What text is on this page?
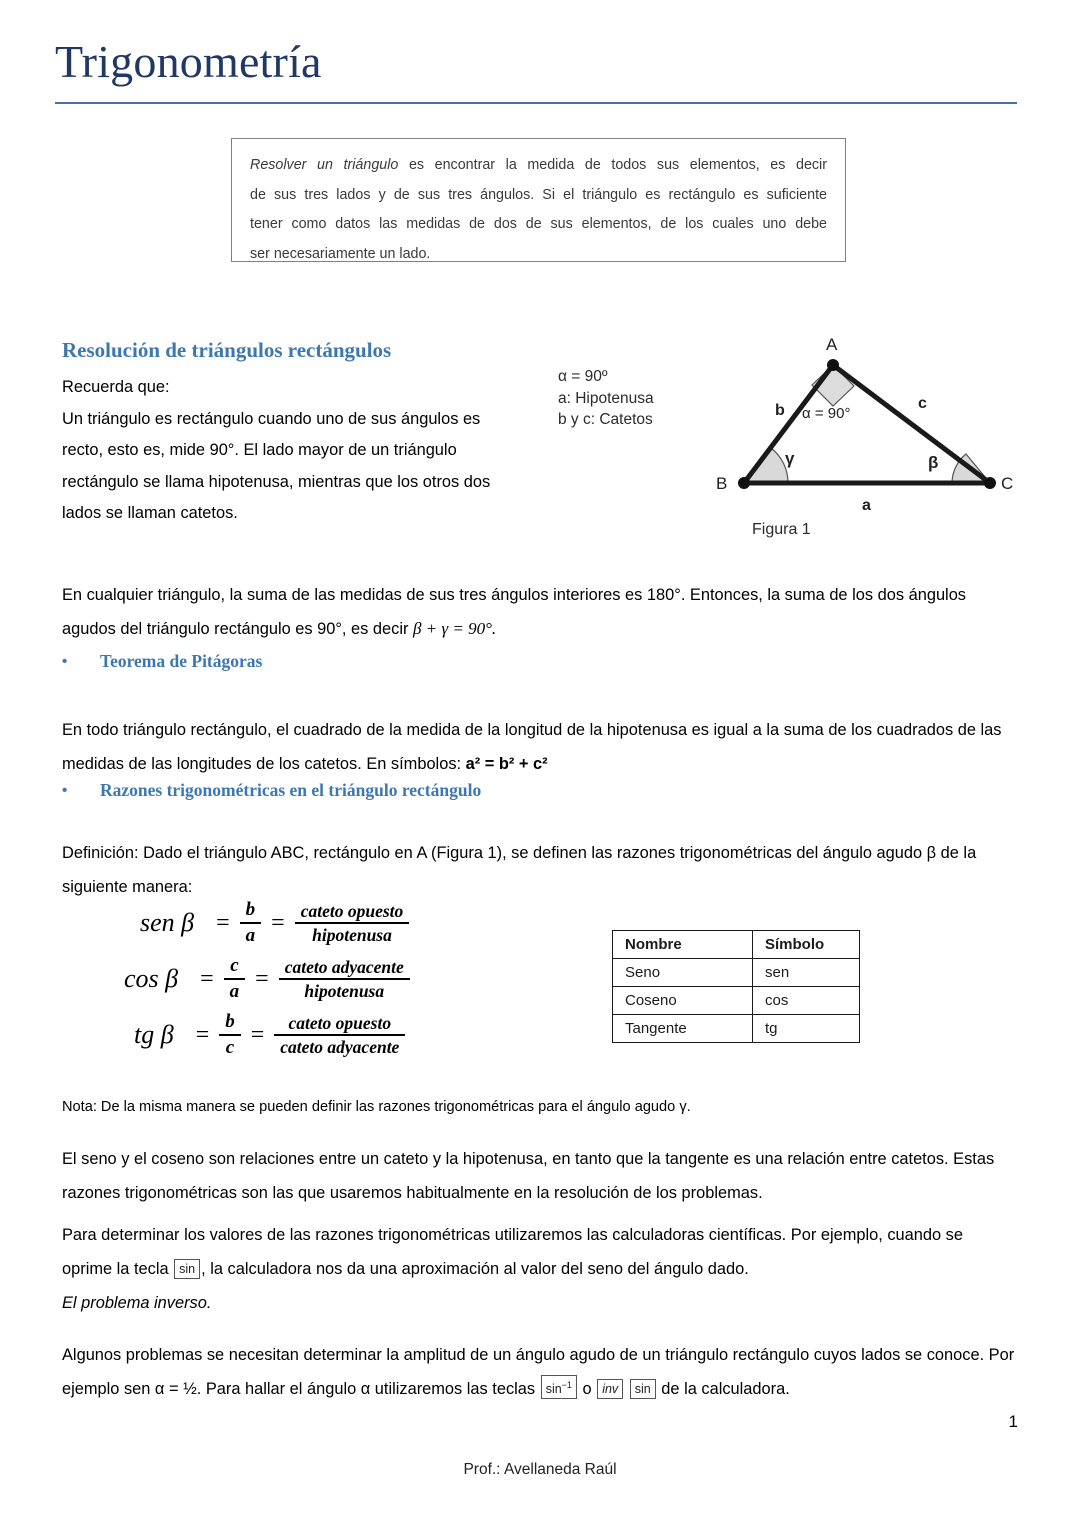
Trigonometría
Resolver un triángulo es encontrar la medida de todos sus elementos, es decir
de sus tres lados y de sus tres ángulos. Si el triángulo es rectángulo es suficiente
tener como datos las medidas de dos de sus elementos, de los cuales uno debe
ser necesariamente un lado.
Resolución de triángulos rectángulos
Recuerda que:
Un triángulo es rectángulo cuando uno de sus ángulos es
recto, esto es, mide 90°. El lado mayor de un triángulo
rectángulo se llama hipotenusa, mientras que los otros dos
lados se llaman catetos.
α = 90º
a: Hipotenusa
b y c: Catetos
A
B	C
b	c
a
α = 90°
γ	β
Figura 1
En cualquier triángulo, la suma de las medidas de sus tres ángulos interiores es 180°. Entonces, la suma de los dos ángulos agudos del triángulo rectángulo es 90°, es decir β + γ = 90°.
• Teorema de Pitágoras
En todo triángulo rectángulo, el cuadrado de la medida de la longitud de la hipotenusa es igual a la suma de los cuadrados de las medidas de las longitudes de los catetos. En símbolos: a² = b² + c²
• Razones trigonométricas en el triángulo rectángulo
Definición: Dado el triángulo ABC, rectángulo en A (Figura 1), se definen las razones trigonométricas del ángulo agudo β de la siguiente manera:
sen $\beta = \frac{b}{a} = \frac{\text{cateto opuesto}}{\text{hipotenusa}}$
$\cos \beta = \frac{c}{a} = \frac{\text{cateto adyacente}}{\text{hipotenusa}}$
tg $\beta = \frac{b}{c} = \frac{\text{cateto opuesto}}{\text{cateto adyacente}}$
Nombre	Símbolo
Seno	sen
Coseno	cos
Tangente	tg
Nota: De la misma manera se pueden definir las razones trigonométricas para el ángulo agudo γ.
El seno y el coseno son relaciones entre un cateto y la hipotenusa, en tanto que la tangente es una relación entre catetos. Estas razones trigonométricas son las que usaremos habitualmente en la resolución de los problemas.
Para determinar los valores de las razones trigonométricas utilizaremos las calculadoras científicas. Por ejemplo, cuando se oprime la tecla sin , la calculadora nos da una aproximación al valor del seno del ángulo dado.
El problema inverso.
Algunos problemas se necesitan determinar la amplitud de un ángulo agudo de un triángulo rectángulo cuyos lados se conoce. Por ejemplo sen α = ½. Para hallar el ángulo α utilizaremos las teclas $\sin^{-1} o$ inv sin de la calculadora.
1
Prof.: Avellaneda Raúl
